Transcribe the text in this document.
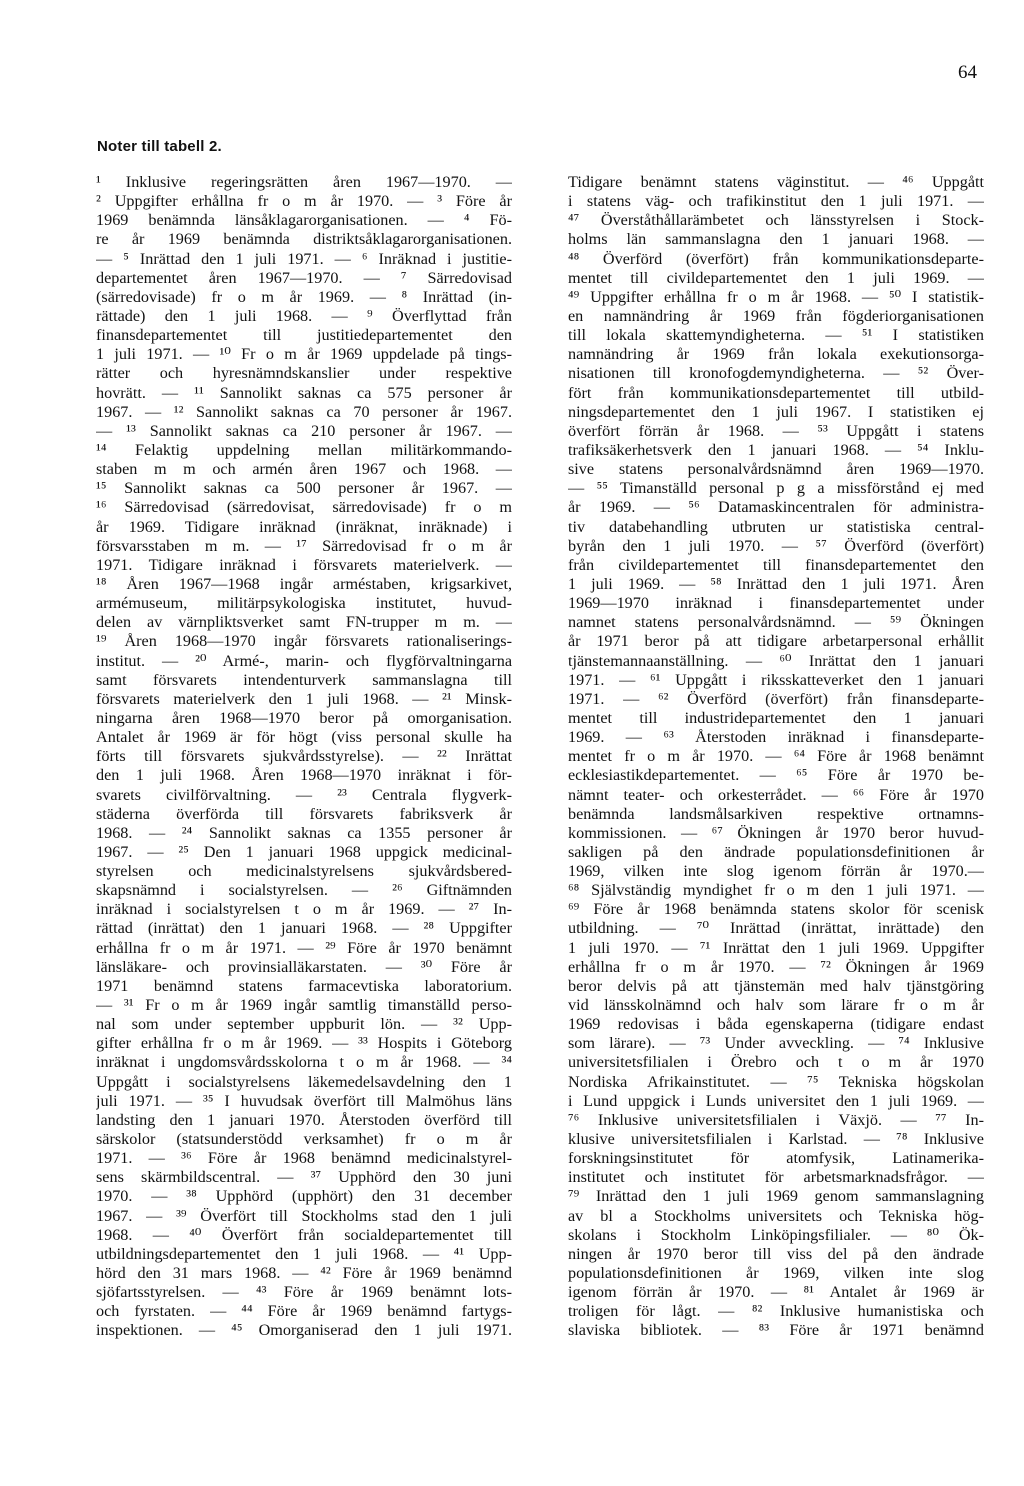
64
Noter till tabell 2.
¹ Inklusive regeringsrätten åren 1967—1970. —
² Uppgifter erhållna fr o m år 1970. — ³ Före år
1969 benämnda länsåklagarorganisationen. — ⁴ Fö-
re år 1969 benämnda distriktsåklagarorganisationen.
— ⁵ Inrättad den 1 juli 1971. — ⁶ Inräknad i justitie-
departementet åren 1967—1970. — ⁷ Särredovisad
(särredovisade) fr o m år 1969. — ⁸ Inrättad (in-
rättade) den 1 juli 1968. — ⁹ Överflyttad från
finansdepartementet till justitiedepartementet den
1 juli 1971. — ¹⁰ Fr o m år 1969 uppdelade på tings-
rätter och hyresnämndskanslier under respektive
hovrätt. — ¹¹ Sannolikt saknas ca 575 personer år
1967. — ¹² Sannolikt saknas ca 70 personer år 1967.
— ¹³ Sannolikt saknas ca 210 personer år 1967. —
¹⁴ Felaktig uppdelning mellan militärkommando-
staben m m och armén åren 1967 och 1968. —
¹⁵ Sannolikt saknas ca 500 personer år 1967. —
¹⁶ Särredovisad (särredovisat, särredovisade) fr o m
år 1969. Tidigare inräknad (inräknat, inräknade) i
försvarsstaben m m. — ¹⁷ Särredovisad fr o m år
1971. Tidigare inräknad i försvarets materielverk. —
¹⁸ Åren 1967—1968 ingår arméstaben, krigsarkivet,
armémuseum, militärpsykologiska institutet, huvud-
delen av värnpliktsverket samt FN-trupper m m. —
¹⁹ Åren 1968—1970 ingår försvarets rationaliserings-
institut. — ²⁰ Armé-, marin- och flygförvaltningarna
samt försvarets intendenturverk sammanslagna till
försvarets materielverk den 1 juli 1968. — ²¹ Minsk-
ningarna åren 1968—1970 beror på omorganisation.
Antalet år 1969 är för högt (viss personal skulle ha
förts till försvarets sjukvårdsstyrelse). — ²² Inrättat
den 1 juli 1968. Åren 1968—1970 inräknat i för-
svarets civilförvaltning. — ²³ Centrala flygverk-
städerna överförda till försvarets fabriksverk år
1968. — ²⁴ Sannolikt saknas ca 1355 personer år
1967. — ²⁵ Den 1 januari 1968 uppgick medicinal-
styrelsen och medicinalstyrelsens sjukvårdsbered-
skapsnämnd i socialstyrelsen. — ²⁶ Giftnämnden
inräknad i socialstyrelsen t o m år 1969. — ²⁷ In-
rättad (inrättat) den 1 januari 1968. — ²⁸ Uppgifter
erhållna fr o m år 1971. — ²⁹ Före år 1970 benämnt
länsläkare- och provinsialläkarstaten. — ³⁰ Före år
1971 benämnd statens farmacevtiska laboratorium.
— ³¹ Fr o m år 1969 ingår samtlig timanställd perso-
nal som under september uppburit lön. — ³² Upp-
gifter erhållna fr o m år 1969. — ³³ Hospits i Göteborg
inräknat i ungdomsvårdsskolorna t o m år 1968. — ³⁴
Uppgått i socialstyrelsens läkemedelsavdelning den 1
juli 1971. — ³⁵ I huvudsak överfört till Malmöhus läns
landsting den 1 januari 1970. Återstoden överförd till
särskolor (statsunderstödd verksamhet) fr o m år
1971. — ³⁶ Före år 1968 benämnd medicinalstyrel-
sens skärmbildscentral. — ³⁷ Upphörd den 30 juni
1970. — ³⁸ Upphörd (upphört) den 31 december
1967. — ³⁹ Överfört till Stockholms stad den 1 juli
1968. — ⁴⁰ Överfört från socialdepartementet till
utbildningsdepartementet den 1 juli 1968. — ⁴¹ Upp-
hörd den 31 mars 1968. — ⁴² Före år 1969 benämnd
sjöfartsstyrelsen. — ⁴³ Före år 1969 benämnt lots-
och fyrstaten. — ⁴⁴ Före år 1969 benämnd fartygs-
inspektionen. — ⁴⁵ Omorganiserad den 1 juli 1971.
Tidigare benämnt statens väginstitut. — ⁴⁶ Uppgått
i statens väg- och trafikinstitut den 1 juli 1971. —
⁴⁷ Överståthållarämbetet och länsstyrelsen i Stock-
holms län sammanslagna den 1 januari 1968. —
⁴⁸ Överförd (överfört) från kommunikationsdeparte-
mentet till civildepartementet den 1 juli 1969. —
⁴⁹ Uppgifter erhållna fr o m år 1968. — ⁵⁰ I statistik-
en namnändring år 1969 från fögderiorganisationen
till lokala skattemyndigheterna. — ⁵¹ I statistiken
namnändring år 1969 från lokala exekutionsorga-
nisationen till kronofogdemyndigheterna. — ⁵² Över-
fört från kommunikationsdepartementet till utbild-
ningsdepartementet den 1 juli 1967. I statistiken ej
överfört förrän år 1968. — ⁵³ Uppgått i statens
trafiksäkerhetsverk den 1 januari 1968. — ⁵⁴ Inklu-
sive statens personalvårdsnämnd åren 1969—1970.
— ⁵⁵ Timanställd personal p g a missförstånd ej med
år 1969. — ⁵⁶ Datamaskincentralen för administra-
tiv databehandling utbruten ur statistiska central-
byrån den 1 juli 1970. — ⁵⁷ Överförd (överfört)
från civildepartementet till finansdepartementet den
1 juli 1969. — ⁵⁸ Inrättad den 1 juli 1971. Åren
1969—1970 inräknad i finansdepartementet under
namnet statens personalvårdsnämnd. — ⁵⁹ Ökningen
år 1971 beror på att tidigare arbetarpersonal erhållit
tjänstemannaanställning. — ⁶⁰ Inrättat den 1 januari
1971. — ⁶¹ Uppgått i riksskatteverket den 1 januari
1971. — ⁶² Överförd (överfört) från finansdeparte-
mentet till industridepartementet den 1 januari
1969. — ⁶³ Återstoden inräknad i finansdeparte-
mentet fr o m år 1970. — ⁶⁴ Före år 1968 benämnt
ecklesiastikdepartementet. — ⁶⁵ Före år 1970 be-
nämnt teater- och orkesterrådet. — ⁶⁶ Före år 1970
benämnda landsmålsarkiven respektive ortnamns-
kommissionen. — ⁶⁷ Ökningen år 1970 beror huvud-
sakligen på den ändrade populationsdefinitionen år
1969, vilken inte slog igenom förrän år 1970.—
⁶⁸ Självständig myndighet fr o m den 1 juli 1971. —
⁶⁹ Före år 1968 benämnda statens skolor för scenisk
utbildning. — ⁷⁰ Inrättad (inrättat, inrättade) den
1 juli 1970. — ⁷¹ Inrättat den 1 juli 1969. Uppgifter
erhållna fr o m år 1970. — ⁷² Ökningen år 1969
beror delvis på att tjänstemän med halv tjänstgöring
vid länsskolnämnd och halv som lärare fr o m år
1969 redovisas i båda egenskaperna (tidigare endast
som lärare). — ⁷³ Under avveckling. — ⁷⁴ Inklusive
universitetsfilialen i Örebro och t o m år 1970
Nordiska Afrikainstitutet. — ⁷⁵ Tekniska högskolan
i Lund uppgick i Lunds universitet den 1 juli 1969. —
⁷⁶ Inklusive universitetsfilialen i Växjö. — ⁷⁷ In-
klusive universitetsfilialen i Karlstad. — ⁷⁸ Inklusive
forskningsinstitutet för atomfysik, Latinamerika-
institutet och institutet för arbetsmarknadsfrågor. —
⁷⁹ Inrättad den 1 juli 1969 genom sammanslagning
av bl a Stockholms universitets och Tekniska hög-
skolans i Stockholm Linköpingsfilialer. — ⁸⁰ Ök-
ningen år 1970 beror till viss del på den ändrade
populationsdefinitionen år 1969, vilken inte slog
igenom förrän år 1970. — ⁸¹ Antalet år 1969 är
troligen för lågt. — ⁸² Inklusive humanistiska och
slaviska bibliotek. — ⁸³ Före år 1971 benämnd
